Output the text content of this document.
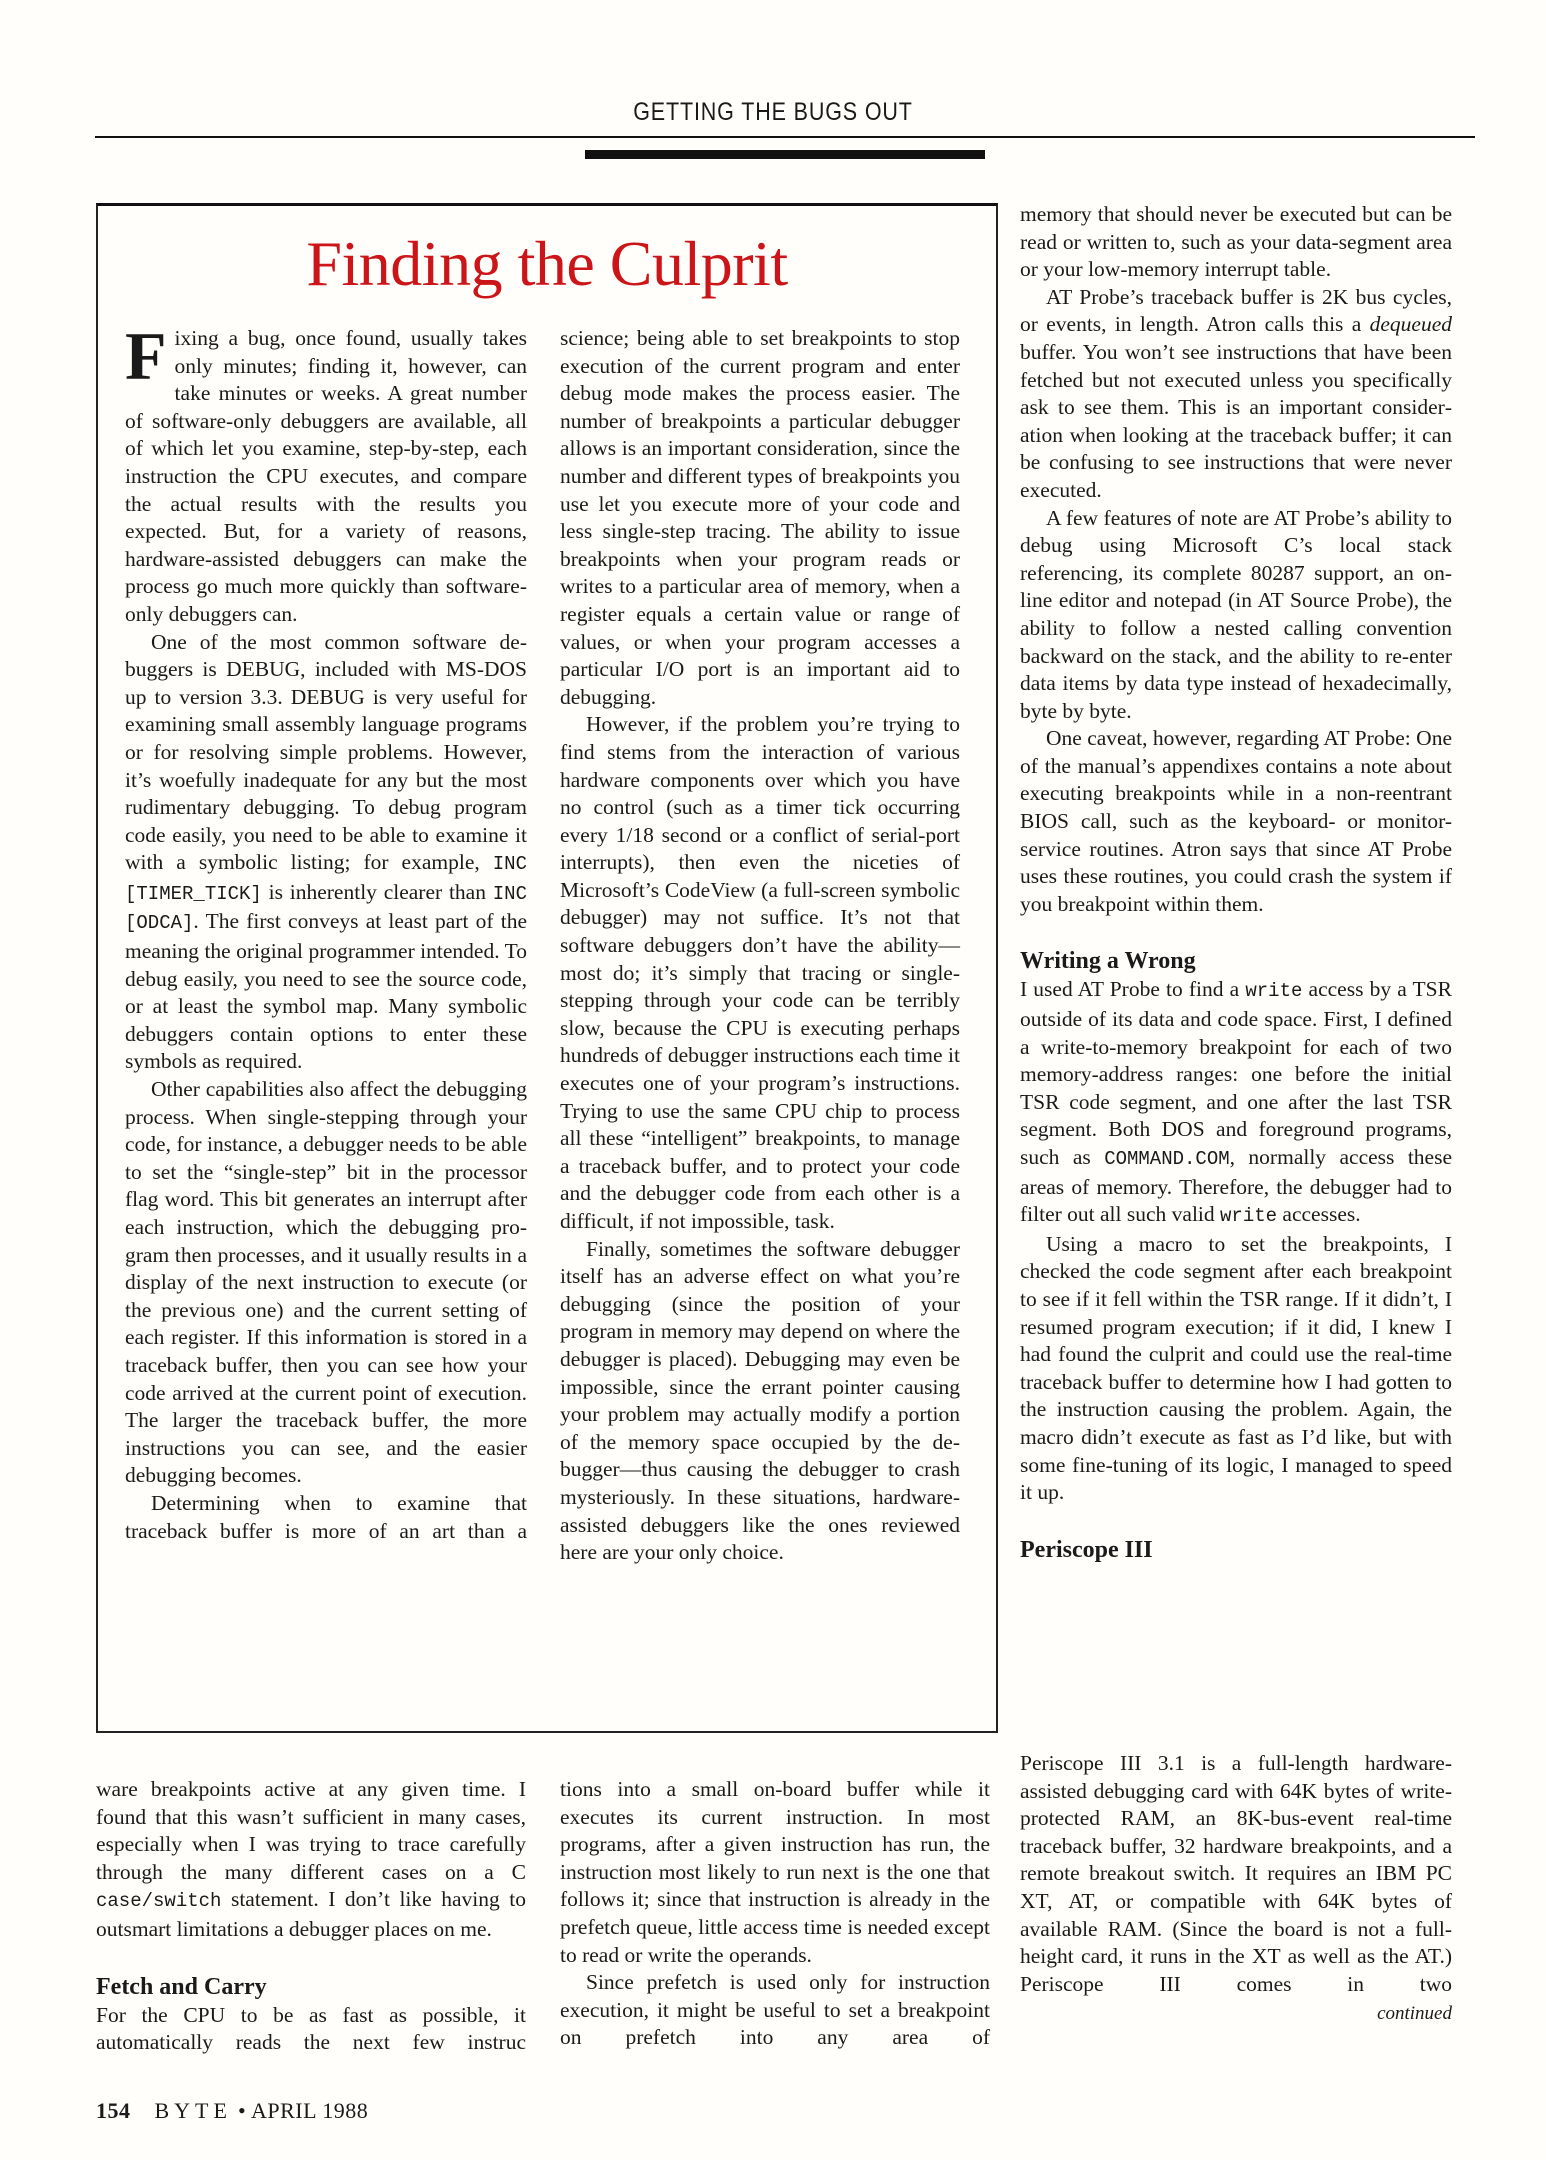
GETTING THE BUGS OUT
Finding the Culprit

Fixing a bug, once found, usually takes only minutes; finding it, however, can take minutes or weeks. A great number of software-only debuggers are available, all of which let you examine, step-by-step, each instruction the CPU executes, and compare the actual results with the results you expected. But, for a variety of reasons, hardware-assisted debuggers can make the process go much more quickly than software-only debuggers can.

One of the most common software debuggers is DEBUG, included with MS-DOS up to version 3.3. DEBUG is very useful for examining small assembly language programs or for resolving simple problems. However, it’s woefully inadequate for any but the most rudimentary debugging. To debug program code easily, you need to be able to examine it with a symbolic listing; for example, INC [TIMER_TICK] is inherently clearer than INC [ODCA]. The first conveys at least part of the meaning the original programmer intended. To debug easily, you need to see the source code, or at least the symbol map. Many symbolic debuggers contain options to enter these symbols as required.

Other capabilities also affect the debugging process. When single-stepping through your code, for instance, a debugger needs to be able to set the “single-step” bit in the processor flag word. This bit generates an interrupt after each instruction, which the debugging program then processes, and it usually results in a display of the next instruction to execute (or the previous one) and the current setting of each register. If this information is stored in a traceback buffer, then you can see how your code arrived at the current point of execution. The larger the traceback buffer, the more instructions you can see, and the easier debugging becomes.

Determining when to examine that traceback buffer is more of an art than a

science; being able to set breakpoints to stop execution of the current program and enter debug mode makes the process easier. The number of breakpoints a particular debugger allows is an important consideration, since the number and different types of breakpoints you use let you execute more of your code and less single-step tracing. The ability to issue breakpoints when your program reads or writes to a particular area of memory, when a register equals a certain value or range of values, or when your program accesses a particular I/O port is an important aid to debugging.

However, if the problem you’re trying to find stems from the interaction of various hardware components over which you have no control (such as a timer tick occurring every 1/18 second or a conflict of serial-port interrupts), then even the niceties of Microsoft’s CodeView (a full-screen symbolic debugger) may not suffice. It’s not that software debuggers don’t have the ability—most do; it’s simply that tracing or single-stepping through your code can be terribly slow, because the CPU is executing perhaps hundreds of debugger instructions each time it executes one of your program’s instructions. Trying to use the same CPU chip to process all these “intelligent” breakpoints, to manage a traceback buffer, and to protect your code and the debugger code from each other is a difficult, if not impossible, task.

Finally, sometimes the software debugger itself has an adverse effect on what you’re debugging (since the position of your program in memory may depend on where the debugger is placed). Debugging may even be impossible, since the errant pointer causing your problem may actually modify a portion of the memory space occupied by the debugger—thus causing the debugger to crash mysteriously. In these situations, hardware-assisted debuggers like the ones reviewed here are your only choice.

memory that should never be executed but can be read or written to, such as your data-segment area or your low-memory interrupt table.

AT Probe’s traceback buffer is 2K bus cycles, or events, in length. Atron calls this a dequeued buffer. You won’t see instructions that have been fetched but not executed unless you specifically ask to see them. This is an important consideration when looking at the traceback buffer; it can be confusing to see instructions that were never executed.

A few features of note are AT Probe’s ability to debug using Microsoft C’s local stack referencing, its complete 80287 support, an on-line editor and notepad (in AT Source Probe), the ability to follow a nested calling convention backward on the stack, and the ability to re-enter data items by data type instead of hexadecimally, byte by byte.

One caveat, however, regarding AT Probe: One of the manual’s appendixes contains a note about executing breakpoints while in a non-reentrant BIOS call, such as the keyboard- or monitor-service routines. Atron says that since AT Probe uses these routines, you could crash the system if you breakpoint within them.

Writing a Wrong

I used AT Probe to find a write access by a TSR outside of its data and code space. First, I defined a write-to-memory breakpoint for each of two memory-address ranges: one before the initial TSR code segment, and one after the last TSR segment. Both DOS and foreground programs, such as COMMAND.COM, normally access these areas of memory. Therefore, the debugger had to filter out all such valid write accesses.

Using a macro to set the breakpoints, I checked the code segment after each breakpoint to see if it fell within the TSR range. If it didn’t, I resumed program execution; if it did, I knew I had found the culprit and could use the real-time traceback buffer to determine how I had gotten to the instruction causing the problem. Again, the macro didn’t execute as fast as I’d like, but with some fine-tuning of its logic, I managed to speed it up.

Periscope III

ware breakpoints active at any given time. I found that this wasn’t sufficient in many cases, especially when I was trying to trace carefully through the many different cases on a C case/switch statement. I don’t like having to outsmart limitations a debugger places on me.

Fetch and Carry

For the CPU to be as fast as possible, it automatically reads the next few instruc

tions into a small on-board buffer while it executes its current instruction. In most programs, after a given instruction has run, the instruction most likely to run next is the one that follows it; since that instruction is already in the prefetch queue, little access time is needed except to read or write the operands.

Since prefetch is used only for instruction execution, it might be useful to set a breakpoint on prefetch into any area of

Periscope III 3.1 is a full-length hardware-assisted debugging card with 64K bytes of write-protected RAM, an 8K-bus-event real-time traceback buffer, 32 hardware breakpoints, and a remote breakout switch. It requires an IBM PC XT, AT, or compatible with 64K bytes of available RAM. (Since the board is not a full-height card, it runs in the XT as well as the AT.) Periscope III comes in two

continued
154 BYTE • APRIL 1988
